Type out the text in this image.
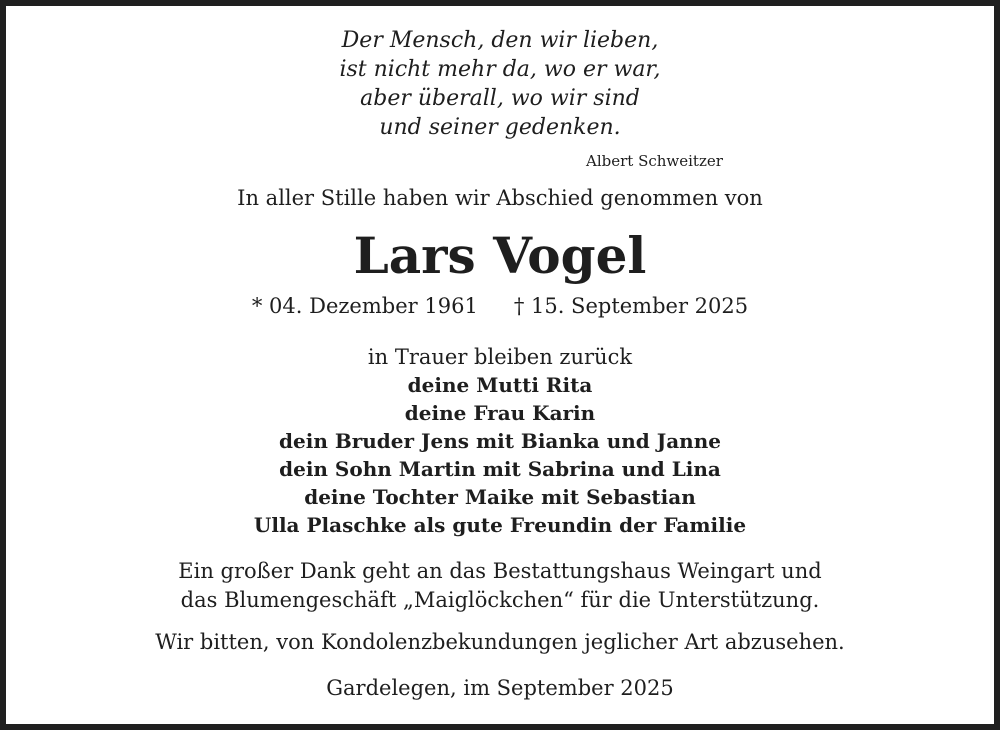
Der Mensch, den wir lieben,
ist nicht mehr da, wo er war,
aber überall, wo wir sind
und seiner gedenken.
Albert Schweitzer
In aller Stille haben wir Abschied genommen von
Lars Vogel
* 04. Dezember 1961 † 15. September 2025
in Trauer bleiben zurück
deine Mutti Rita
deine Frau Karin
dein Bruder Jens mit Bianka und Janne
dein Sohn Martin mit Sabrina und Lina
deine Tochter Maike mit Sebastian
Ulla Plaschke als gute Freundin der Familie
Ein großer Dank geht an das Bestattungshaus Weingart und
das Blumengeschäft „Maiglöckchen“ für die Unterstützung.
Wir bitten, von Kondolenzbekundungen jeglicher Art abzusehen.
Gardelegen, im September 2025
